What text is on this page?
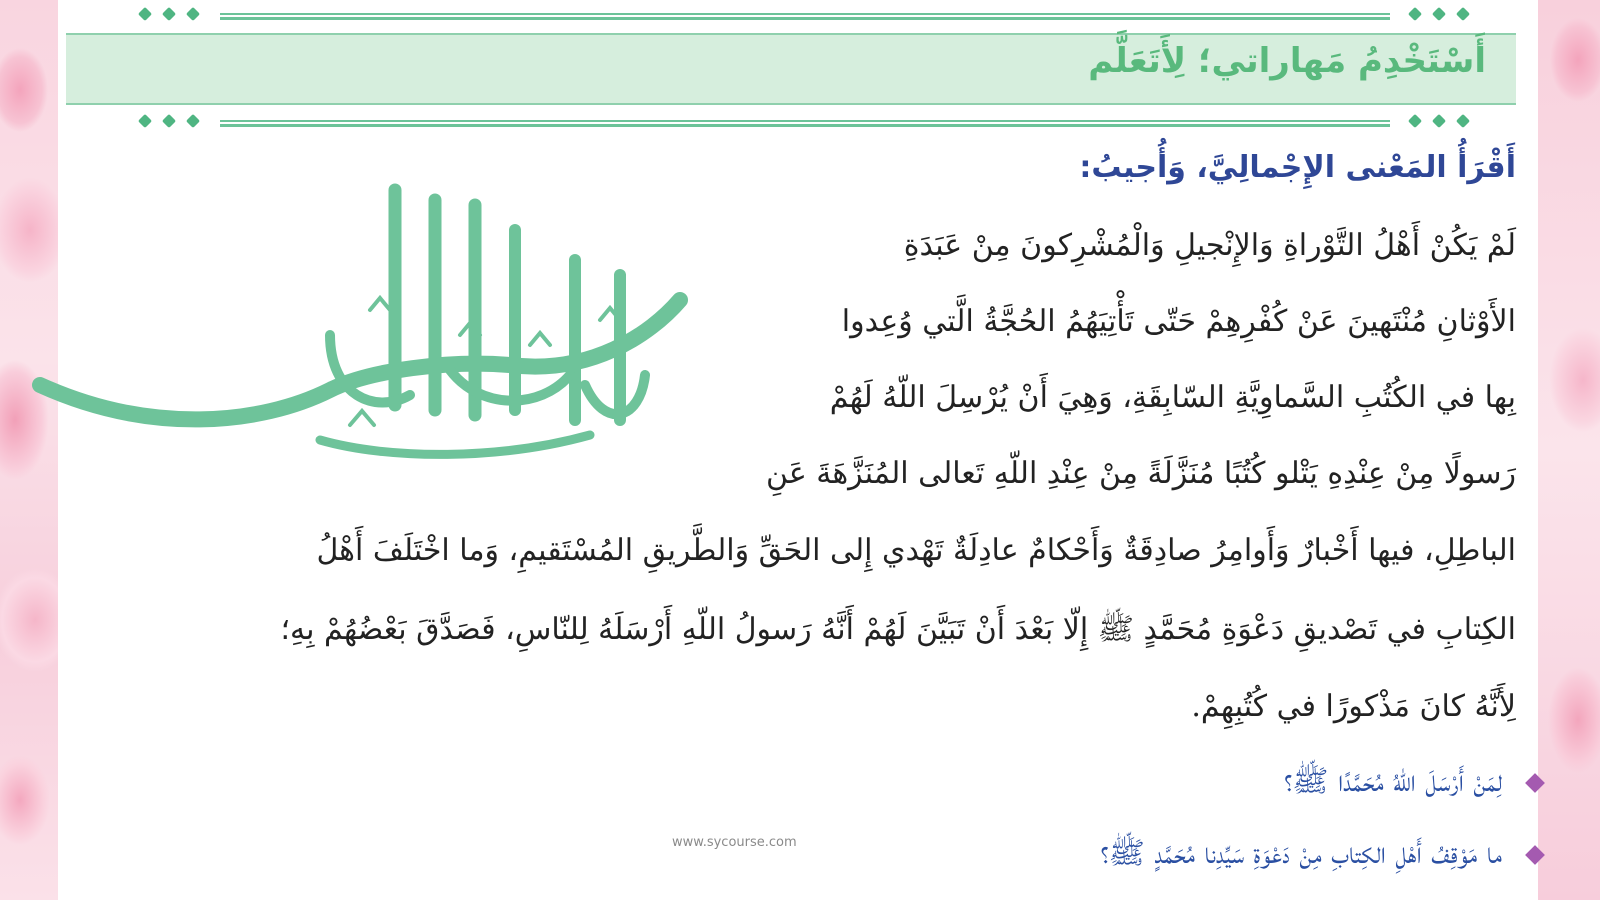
أَسْتَخْدِمُ مَهاراتي؛ لِأَتَعَلَّم
أَقْرَأُ المَعْنى الإِجْمالِيَّ، وَأُجيبُ:
لَمْ يَكُنْ أَهْلُ التَّوْراةِ وَالإِنْجيلِ وَالْمُشْرِكونَ مِنْ عَبَدَةِ
الأَوْثانِ مُنْتَهينَ عَنْ كُفْرِهِمْ حَتّى تَأْتِيَهُمُ الحُجَّةُ الَّتي وُعِدوا
بِها في الكُتُبِ السَّماوِيَّةِ السّابِقَةِ، وَهِيَ أَنْ يُرْسِلَ اللّهُ لَهُمْ
رَسولًا مِنْ عِنْدِهِ يَتْلو كُتُبًا مُنَزَّلَةً مِنْ عِنْدِ اللّهِ تَعالى المُنَزَّهَةَ عَنِ
الباطِلِ، فيها أَخْبارٌ وَأَوامِرُ صادِقَةٌ وَأَحْكامٌ عادِلَةٌ تَهْدي إِلى الحَقِّ وَالطَّريقِ المُسْتَقيمِ، وَما اخْتَلَفَ أَهْلُ
الكِتابِ في تَصْديقِ دَعْوَةِ مُحَمَّدٍ ﷺ إِلّا بَعْدَ أَنْ تَبَيَّنَ لَهُمْ أَنَّهُ رَسولُ اللّهِ أَرْسَلَهُ لِلنّاسِ، فَصَدَّقَ بَعْضُهُمْ بِهِ؛
لِأَنَّهُ كانَ مَذْكورًا في كُتُبِهِمْ.
لِمَنْ أَرْسَلَ اللّهُ مُحَمَّدًا ﷺ؟
ما مَوْقِفُ أَهْلِ الكِتابِ مِنْ دَعْوَةِ سَيِّدِنا مُحَمَّدٍ ﷺ؟
www.sycourse.com
